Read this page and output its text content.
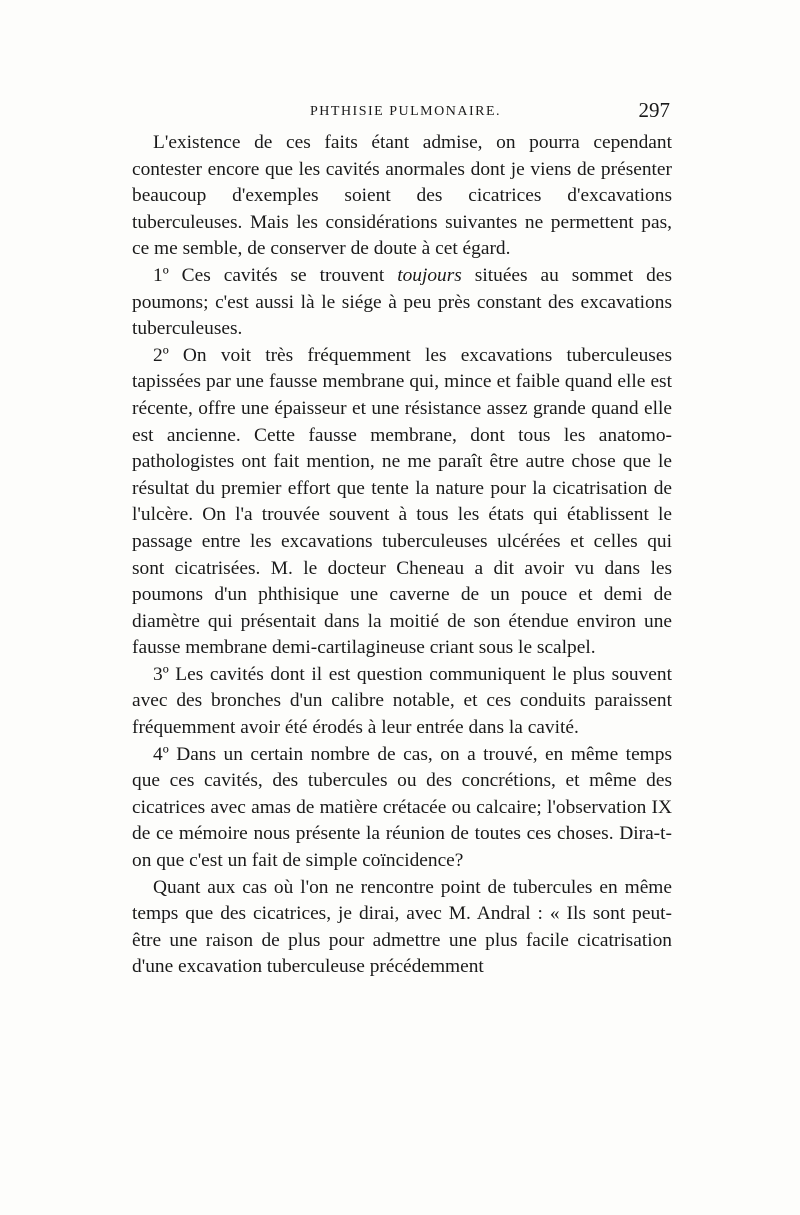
PHTHISIE PULMONAIRE.	297

L'existence de ces faits étant admise, on pourra cependant contester encore que les cavités anormales dont je viens de présenter beaucoup d'exemples soient des cicatrices d'excavations tuberculeuses. Mais les considérations suivantes ne permettent pas, ce me semble, de conserver de doute à cet égard.

1º Ces cavités se trouvent toujours situées au sommet des poumons; c'est aussi là le siége à peu près constant des excavations tuberculeuses.

2º On voit très fréquemment les excavations tuberculeuses tapissées par une fausse membrane qui, mince et faible quand elle est récente, offre une épaisseur et une résistance assez grande quand elle est ancienne. Cette fausse membrane, dont tous les anatomo-pathologistes ont fait mention, ne me paraît être autre chose que le résultat du premier effort que tente la nature pour la cicatrisation de l'ulcère. On l'a trouvée souvent à tous les états qui établissent le passage entre les excavations tuberculeuses ulcérées et celles qui sont cicatrisées. M. le docteur Cheneau a dit avoir vu dans les poumons d'un phthisique une caverne de un pouce et demi de diamètre qui présentait dans la moitié de son étendue environ une fausse membrane demi-cartilagineuse criant sous le scalpel.

3º Les cavités dont il est question communiquent le plus souvent avec des bronches d'un calibre notable, et ces conduits paraissent fréquemment avoir été érodés à leur entrée dans la cavité.

4º Dans un certain nombre de cas, on a trouvé, en même temps que ces cavités, des tubercules ou des concrétions, et même des cicatrices avec amas de matière crétacée ou calcaire; l'observation IX de ce mémoire nous présente la réunion de toutes ces choses. Dira-t-on que c'est un fait de simple coïncidence?

Quant aux cas où l'on ne rencontre point de tubercules en même temps que des cicatrices, je dirai, avec M. Andral : « Ils sont peut-être une raison de plus pour admettre une plus facile cicatrisation d'une excavation tuberculeuse précédemment
